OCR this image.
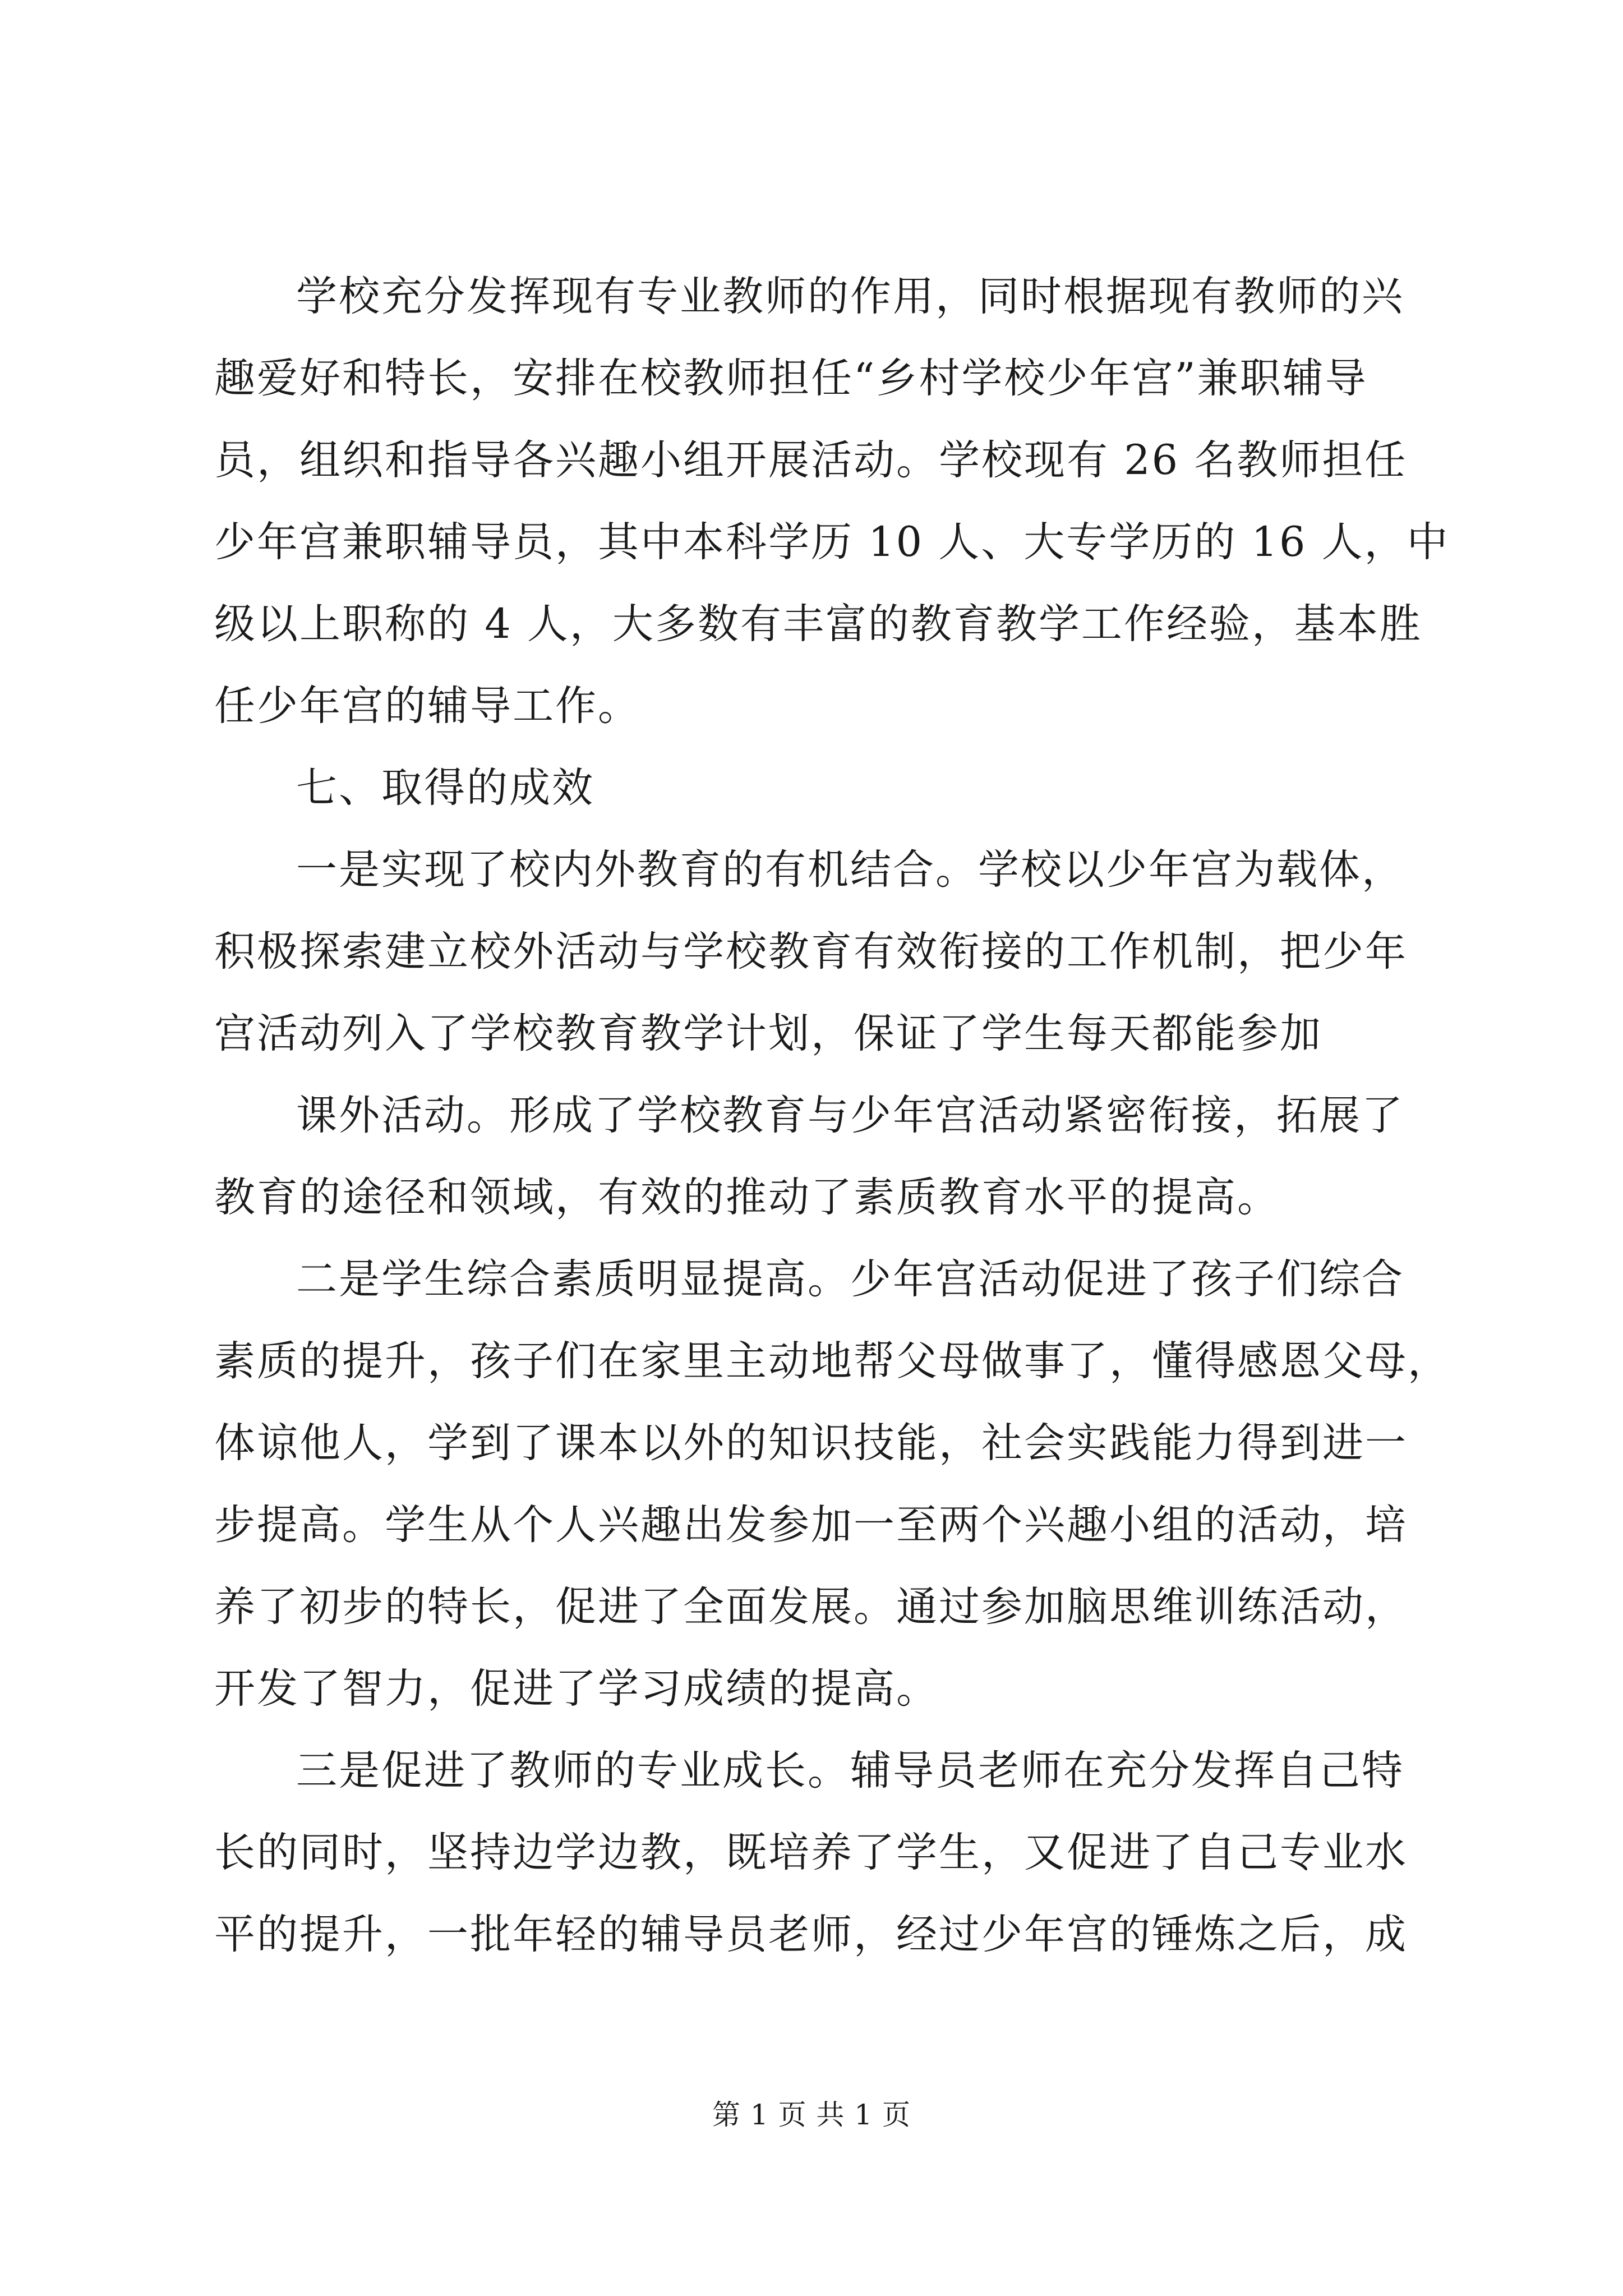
学校充分发挥现有专业教师的作用，同时根据现有教师的兴
趣爱好和特长，安排在校教师担任“乡村学校少年宫”兼职辅导
员，组织和指导各兴趣小组开展活动。学校现有 26 名教师担任
少年宫兼职辅导员，其中本科学历 10 人、大专学历的 16 人，中
级以上职称的 4 人，大多数有丰富的教育教学工作经验，基本胜
任少年宫的辅导工作。
七、取得的成效
一是实现了校内外教育的有机结合。学校以少年宫为载体，
积极探索建立校外活动与学校教育有效衔接的工作机制，把少年
宫活动列入了学校教育教学计划，保证了学生每天都能参加
课外活动。形成了学校教育与少年宫活动紧密衔接，拓展了
教育的途径和领域，有效的推动了素质教育水平的提高。
二是学生综合素质明显提高。少年宫活动促进了孩子们综合
素质的提升，孩子们在家里主动地帮父母做事了，懂得感恩父母，
体谅他人，学到了课本以外的知识技能，社会实践能力得到进一
步提高。学生从个人兴趣出发参加一至两个兴趣小组的活动，培
养了初步的特长，促进了全面发展。通过参加脑思维训练活动，
开发了智力，促进了学习成绩的提高。
三是促进了教师的专业成长。辅导员老师在充分发挥自己特
长的同时，坚持边学边教，既培养了学生，又促进了自己专业水
平的提升，一批年轻的辅导员老师，经过少年宫的锤炼之后，成
第 1 页 共 1 页
